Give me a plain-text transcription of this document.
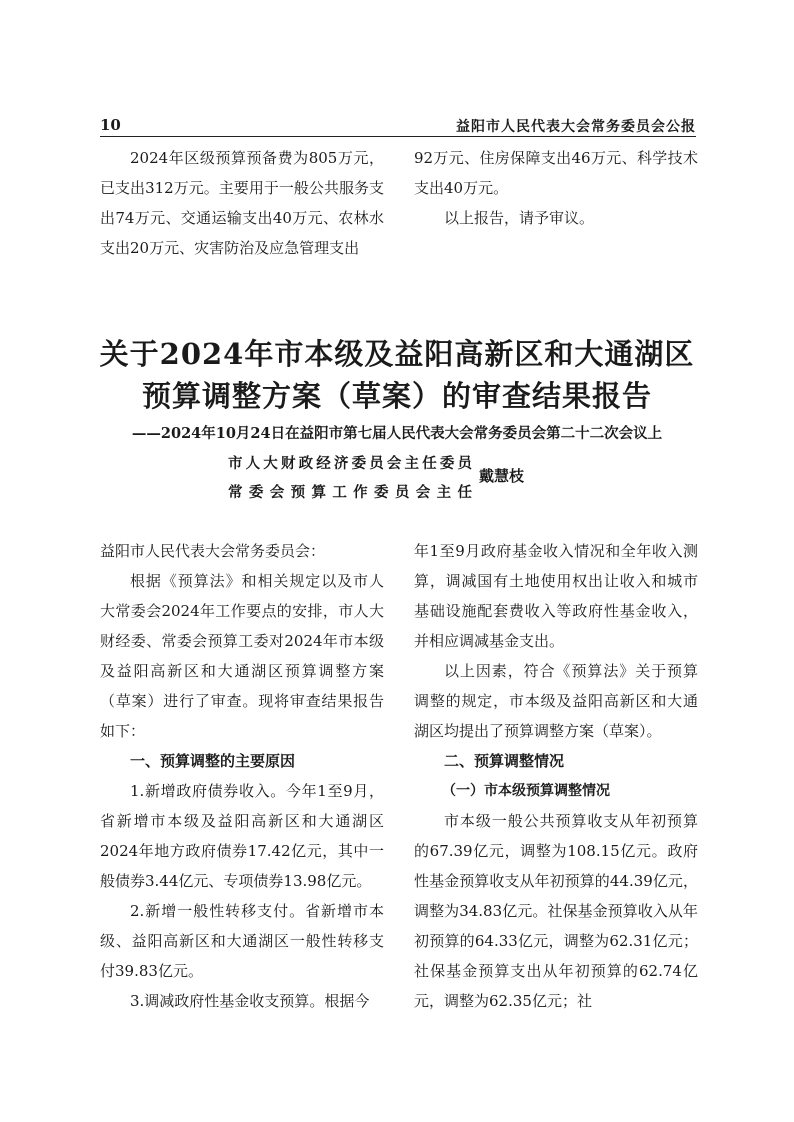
10	益阳市人民代表大会常务委员会公报

2024年区级预算预备费为805万元，已支出312万元。主要用于一般公共服务支出74万元、交通运输支出40万元、农林水支出20万元、灾害防治及应急管理支出

92万元、住房保障支出46万元、科学技术支出40万元。

以上报告，请予审议。

关于2024年市本级及益阳高新区和大通湖区
预算调整方案（草案）的审查结果报告

——2024年10月24日在益阳市第七届人民代表大会常务委员会第二十二次会议上

市人大财政经济委员会主任委员
常委会预算工作委员会主任
戴慧枝

益阳市人民代表大会常务委员会：

根据《预算法》和相关规定以及市人大常委会2024年工作要点的安排，市人大财经委、常委会预算工委对2024年市本级及益阳高新区和大通湖区预算调整方案（草案）进行了审查。现将审查结果报告如下：

一、预算调整的主要原因

1.新增政府债券收入。今年1至9月，省新增市本级及益阳高新区和大通湖区2024年地方政府债券17.42亿元，其中一般债券3.44亿元、专项债券13.98亿元。

2.新增一般性转移支付。省新增市本级、益阳高新区和大通湖区一般性转移支付39.83亿元。

3.调减政府性基金收支预算。根据今

年1至9月政府基金收入情况和全年收入测算，调减国有土地使用权出让收入和城市基础设施配套费收入等政府性基金收入，并相应调减基金支出。

以上因素，符合《预算法》关于预算调整的规定，市本级及益阳高新区和大通湖区均提出了预算调整方案（草案）。

二、预算调整情况

（一）市本级预算调整情况

市本级一般公共预算收支从年初预算的67.39亿元，调整为108.15亿元。政府性基金预算收支从年初预算的44.39亿元，调整为34.83亿元。社保基金预算收入从年初预算的64.33亿元，调整为62.31亿元；社保基金预算支出从年初预算的62.74亿元，调整为62.35亿元；社
